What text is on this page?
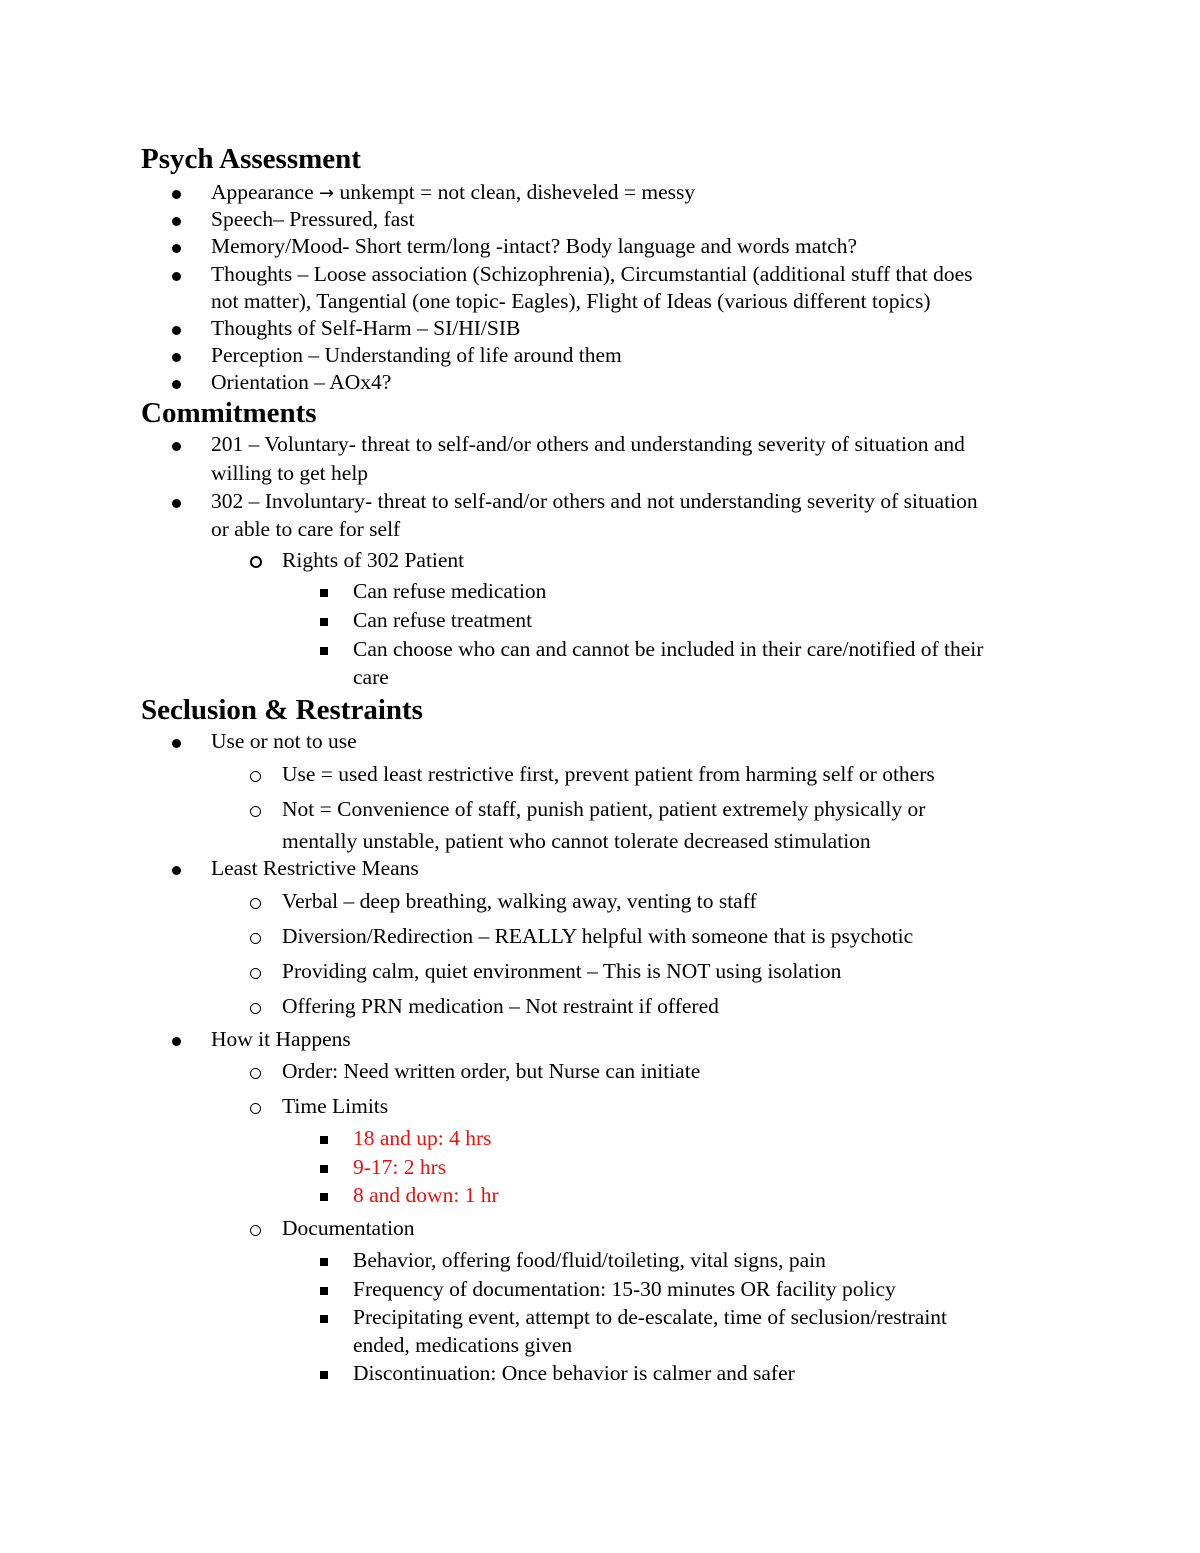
Psych Assessment
Appearance → unkempt = not clean, disheveled = messy
Speech– Pressured, fast
Memory/Mood- Short term/long -intact? Body language and words match?
Thoughts – Loose association (Schizophrenia), Circumstantial (additional stuff that does
not matter), Tangential (one topic- Eagles), Flight of Ideas (various different topics)
Thoughts of Self-Harm – SI/HI/SIB
Perception – Understanding of life around them
Orientation – AOx4?
Commitments
201 – Voluntary- threat to self-and/or others and understanding severity of situation and
willing to get help
302 – Involuntary- threat to self-and/or others and not understanding severity of situation
or able to care for self
Rights of 302 Patient
Can refuse medication
Can refuse treatment
Can choose who can and cannot be included in their care/notified of their
care
Seclusion & Restraints
Use or not to use
Use = used least restrictive first, prevent patient from harming self or others
Not = Convenience of staff, punish patient, patient extremely physically or
mentally unstable, patient who cannot tolerate decreased stimulation
Least Restrictive Means
Verbal – deep breathing, walking away, venting to staff
Diversion/Redirection – REALLY helpful with someone that is psychotic
Providing calm, quiet environment – This is NOT using isolation
Offering PRN medication – Not restraint if offered
How it Happens
Order: Need written order, but Nurse can initiate
Time Limits
18 and up: 4 hrs
9-17: 2 hrs
8 and down: 1 hr
Documentation
Behavior, offering food/fluid/toileting, vital signs, pain
Frequency of documentation: 15-30 minutes OR facility policy
Precipitating event, attempt to de-escalate, time of seclusion/restraint
ended, medications given
Discontinuation: Once behavior is calmer and safer
